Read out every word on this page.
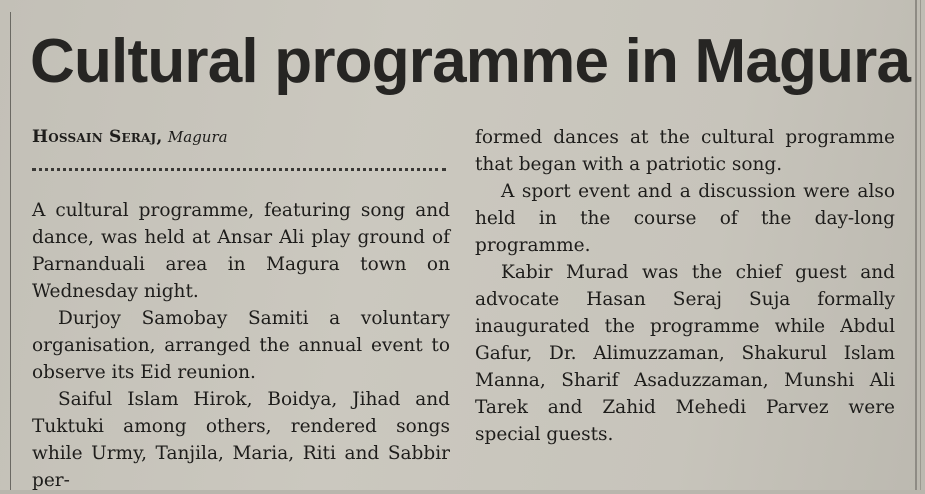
Cultural programme in Magura
Hossain Seraj, Magura

A cultural programme, featuring song and dance, was held at Ansar Ali play ground of Parnanduali area in Magura town on Wednesday night.

Durjoy Samobay Samiti a voluntary organisation, arranged the annual event to observe its Eid reunion.

Saiful Islam Hirok, Boidya, Jihad and Tuktuki among others, rendered songs while Urmy, Tanjila, Maria, Riti and Sabbir per-

formed dances at the cultural programme that began with a patriotic song.

A sport event and a discussion were also held in the course of the day-long programme.

Kabir Murad was the chief guest and advocate Hasan Seraj Suja formally inaugurated the programme while Abdul Gafur, Dr. Alimuzzaman, Shakurul Islam Manna, Sharif Asaduzzaman, Munshi Ali Tarek and Zahid Mehedi Parvez were special guests.
